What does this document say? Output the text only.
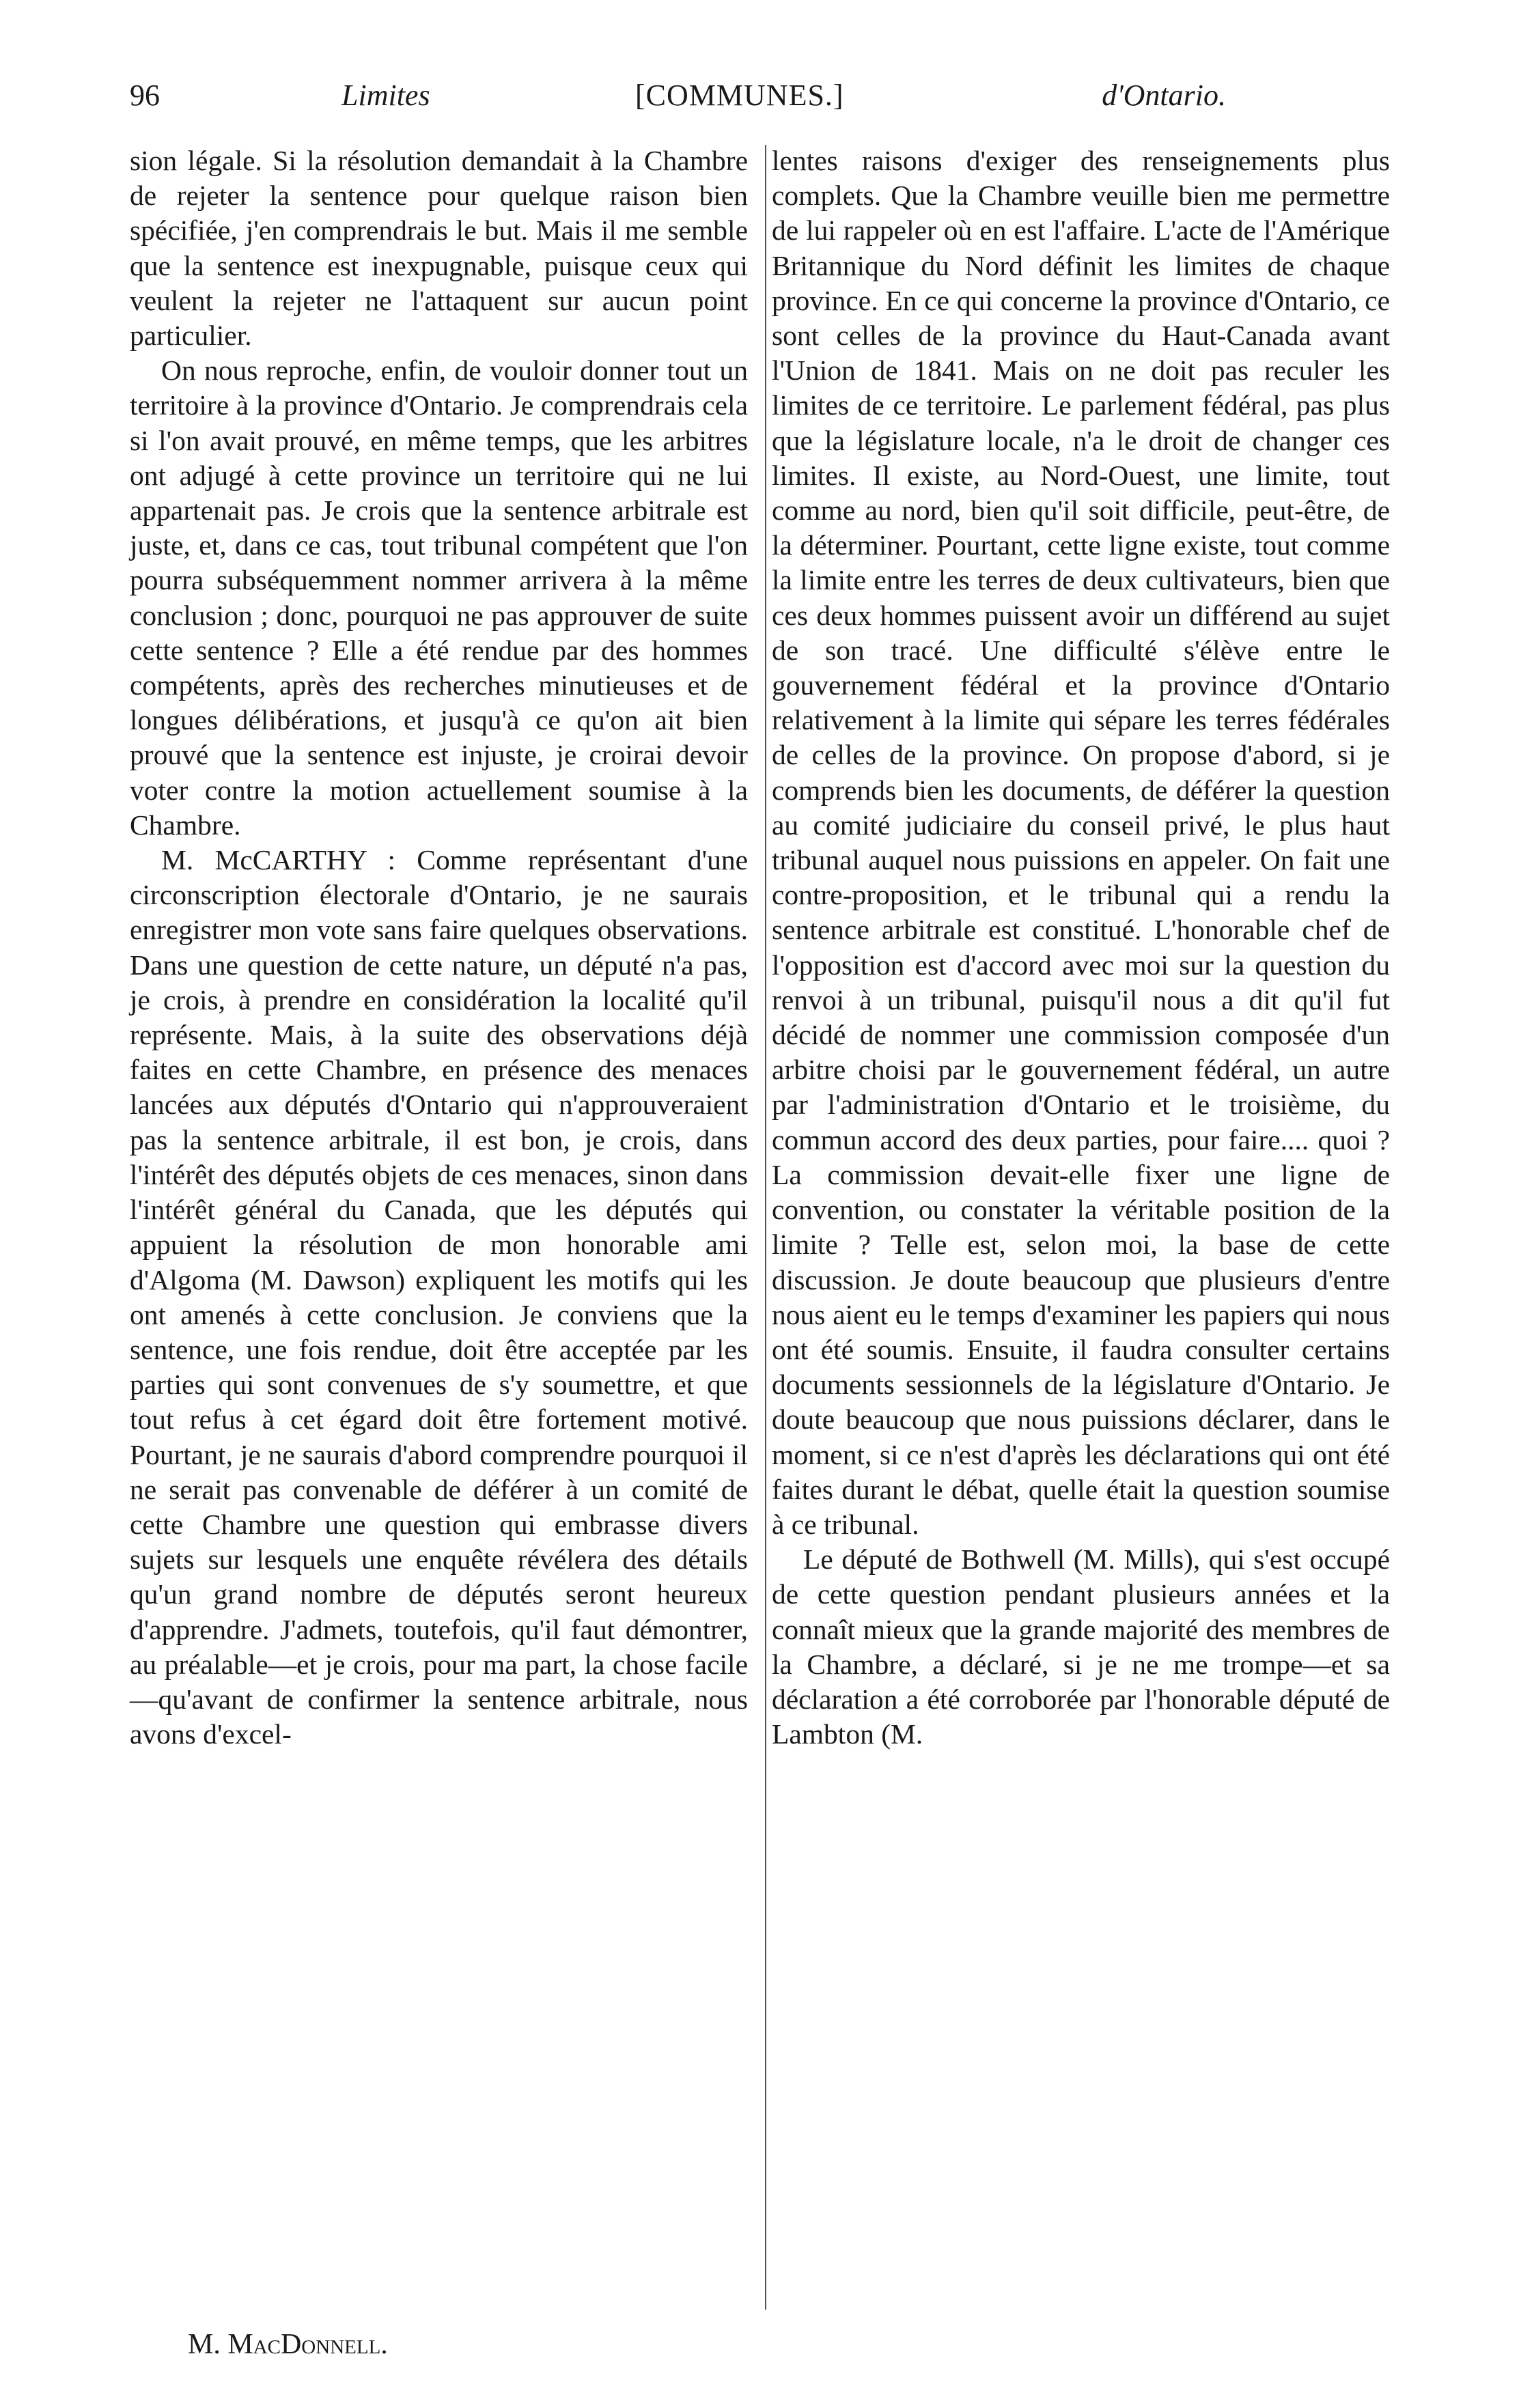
96	Limites	[COMMUNES.]	d'Ontario.

sion légale. Si la résolution demandait à la Chambre de rejeter la sentence pour quelque raison bien spécifiée, j'en comprendrais le but. Mais il me semble que la sentence est inexpugnable, puisque ceux qui veulent la rejeter ne l'attaquent sur aucun point particulier.

On nous reproche, enfin, de vouloir donner tout un territoire à la province d'Ontario. Je comprendrais cela si l'on avait prouvé, en même temps, que les arbitres ont adjugé à cette province un territoire qui ne lui appartenait pas. Je crois que la sentence arbitrale est juste, et, dans ce cas, tout tribunal compétent que l'on pourra subséquemment nommer arrivera à la même conclusion ; donc, pourquoi ne pas approuver de suite cette sentence ? Elle a été rendue par des hommes compétents, après des recherches minutieuses et de longues délibérations, et jusqu'à ce qu'on ait bien prouvé que la sentence est injuste, je croirai devoir voter contre la motion actuellement soumise à la Chambre.

M. McCARTHY : Comme représentant d'une circonscription électorale d'Ontario, je ne saurais enregistrer mon vote sans faire quelques observations. Dans une question de cette nature, un député n'a pas, je crois, à prendre en considération la localité qu'il représente. Mais, à la suite des observations déjà faites en cette Chambre, en présence des menaces lancées aux députés d'Ontario qui n'approuveraient pas la sentence arbitrale, il est bon, je crois, dans l'intérêt des députés objets de ces menaces, sinon dans l'intérêt général du Canada, que les députés qui appuient la résolution de mon honorable ami d'Algoma (M. Dawson) expliquent les motifs qui les ont amenés à cette conclusion. Je conviens que la sentence, une fois rendue, doit être acceptée par les parties qui sont convenues de s'y soumettre, et que tout refus à cet égard doit être fortement motivé. Pourtant, je ne saurais d'abord comprendre pourquoi il ne serait pas convenable de déférer à un comité de cette Chambre une question qui embrasse divers sujets sur lesquels une enquête révélera des détails qu'un grand nombre de députés seront heureux d'apprendre. J'admets, toutefois, qu'il faut démontrer, au préalable—et je crois, pour ma part, la chose facile—qu'avant de confirmer la sentence arbitrale, nous avons d'excel-

lentes raisons d'exiger des renseignements plus complets. Que la Chambre veuille bien me permettre de lui rappeler où en est l'affaire. L'acte de l'Amérique Britannique du Nord définit les limites de chaque province. En ce qui concerne la province d'Ontario, ce sont celles de la province du Haut-Canada avant l'Union de 1841. Mais on ne doit pas reculer les limites de ce territoire. Le parlement fédéral, pas plus que la législature locale, n'a le droit de changer ces limites. Il existe, au Nord-Ouest, une limite, tout comme au nord, bien qu'il soit difficile, peut-être, de la déterminer. Pourtant, cette ligne existe, tout comme la limite entre les terres de deux cultivateurs, bien que ces deux hommes puissent avoir un différend au sujet de son tracé. Une difficulté s'élève entre le gouvernement fédéral et la province d'Ontario relativement à la limite qui sépare les terres fédérales de celles de la province. On propose d'abord, si je comprends bien les documents, de déférer la question au comité judiciaire du conseil privé, le plus haut tribunal auquel nous puissions en appeler. On fait une contre-proposition, et le tribunal qui a rendu la sentence arbitrale est constitué. L'honorable chef de l'opposition est d'accord avec moi sur la question du renvoi à un tribunal, puisqu'il nous a dit qu'il fut décidé de nommer une commission composée d'un arbitre choisi par le gouvernement fédéral, un autre par l'administration d'Ontario et le troisième, du commun accord des deux parties, pour faire.... quoi ? La commission devait-elle fixer une ligne de convention, ou constater la véritable position de la limite ? Telle est, selon moi, la base de cette discussion. Je doute beaucoup que plusieurs d'entre nous aient eu le temps d'examiner les papiers qui nous ont été soumis. Ensuite, il faudra consulter certains documents sessionnels de la législature d'Ontario. Je doute beaucoup que nous puissions déclarer, dans le moment, si ce n'est d'après les déclarations qui ont été faites durant le débat, quelle était la question soumise à ce tribunal.

Le député de Bothwell (M. Mills), qui s'est occupé de cette question pendant plusieurs années et la connaît mieux que la grande majorité des membres de la Chambre, a déclaré, si je ne me trompe—et sa déclaration a été corroborée par l'honorable député de Lambton (M.

M. MacDonnell.
